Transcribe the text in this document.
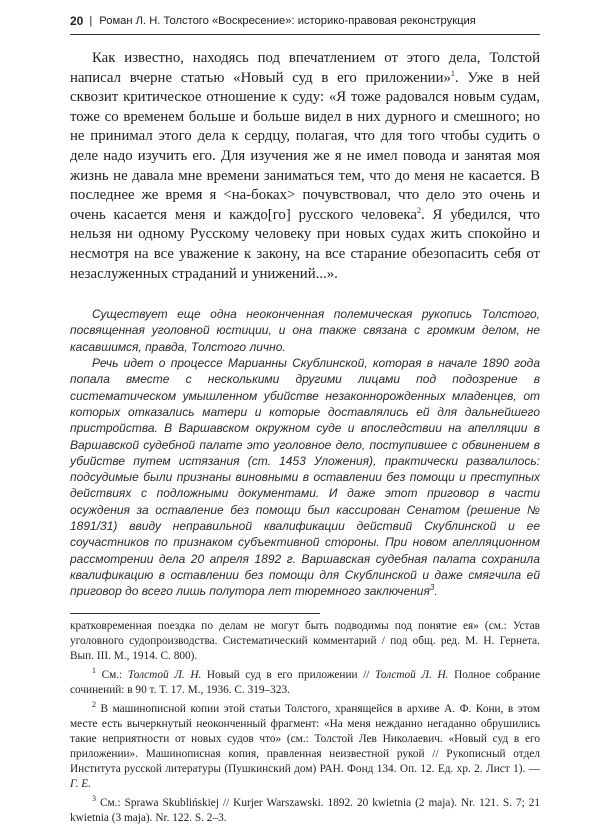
20 | Роман Л. Н. Толстого «Воскресение»: историко-правовая реконструкция

Как известно, находясь под впечатлением от этого дела, Толстой написал вчерне статью «Новый суд в его приложении»$^1$. Уже в ней сквозит критическое отношение к суду: «Я тоже радовался новым судам, тоже со временем больше и больше видел в них дурного и смешного; но не принимал этого дела к сердцу, полагая, что для того чтобы судить о деле надо изучить его. Для изучения же я не имел повода и занятая моя жизнь не давала мне времени заниматься тем, что до меня не касается. В последнее же время я <на-боках> почувствовал, что дело это очень и очень касается меня и каждо[го] русского человека$^2$. Я убедился, что нельзя ни одному Русскому человеку при новых судах жить спокойно и несмотря на все уважение к закону, на все старание обезопасить себя от незаслуженных страданий и унижений...».

Существует еще одна неоконченная полемическая рукопись Толстого, посвященная уголовной юстиции, и она также связана с громким делом, не касавшимся, правда, Толстого лично.

Речь идет о процессе Марианны Скублинской, которая в начале 1890 года попала вместе с несколькими другими лицами под подозрение в систематическом умышленном убийстве незаконнорожденных младенцев, от которых отказались матери и которые доставлялись ей для дальнейшего пристройства. В Варшавском окружном суде и впоследствии на апелляции в Варшавской судебной палате это уголовное дело, поступившее с обвинением в убийстве путем истязания (ст. 1453 Уложения), практически развалилось: подсудимые были признаны виновными в оставлении без помощи и преступных действиях с подложными документами. И даже этот приговор в части осуждения за оставление без помощи был кассирован Сенатом (решение № 1891/31) ввиду неправильной квалификации действий Скублинской и ее соучастников по признаком субъективной стороны. При новом апелляционном рассмотрении дела 20 апреля 1892 г. Варшавская судебная палата сохранила квалификацию в оставлении без помощи для Скублинской и даже смягчила ей приговор до всего лишь полутора лет тюремного заключения$^3$.

кратковременная поездка по делам не могут быть подводимы под понятие ея» (см.: Устав уголовного судопроизводства. Систематический комментарий / под общ. ред. М. Н. Гернета. Вып. III. М., 1914. С. 800).

$^1$ См.: Толстой Л. Н. Новый суд в его приложении // Толстой Л. Н. Полное собрание сочинений: в 90 т. Т. 17. М., 1936. С. 319–323.

$^2$ В машинописной копии этой статьи Толстого, хранящейся в архиве А. Ф. Кони, в этом месте есть вычеркнутый неоконченный фрагмент: «На меня нежданно негаданно обрушились такие неприятности от новых судов что» (см.: Толстой Лев Николаевич. «Новый суд в его приложении». Машинописная копия, правленная неизвестной рукой // Рукописный отдел Института русской литературы (Пушкинский дом) РАН. Фонд 134. Оп. 12. Ед. хр. 2. Лист 1). — Г. Е.

$^3$ См.: Sprawa Skublińskiej // Kurjer Warszawski. 1892. 20 kwietnia (2 maja). Nr. 121. S. 7; 21 kwietnia (3 maja). Nr. 122. S. 2–3.
